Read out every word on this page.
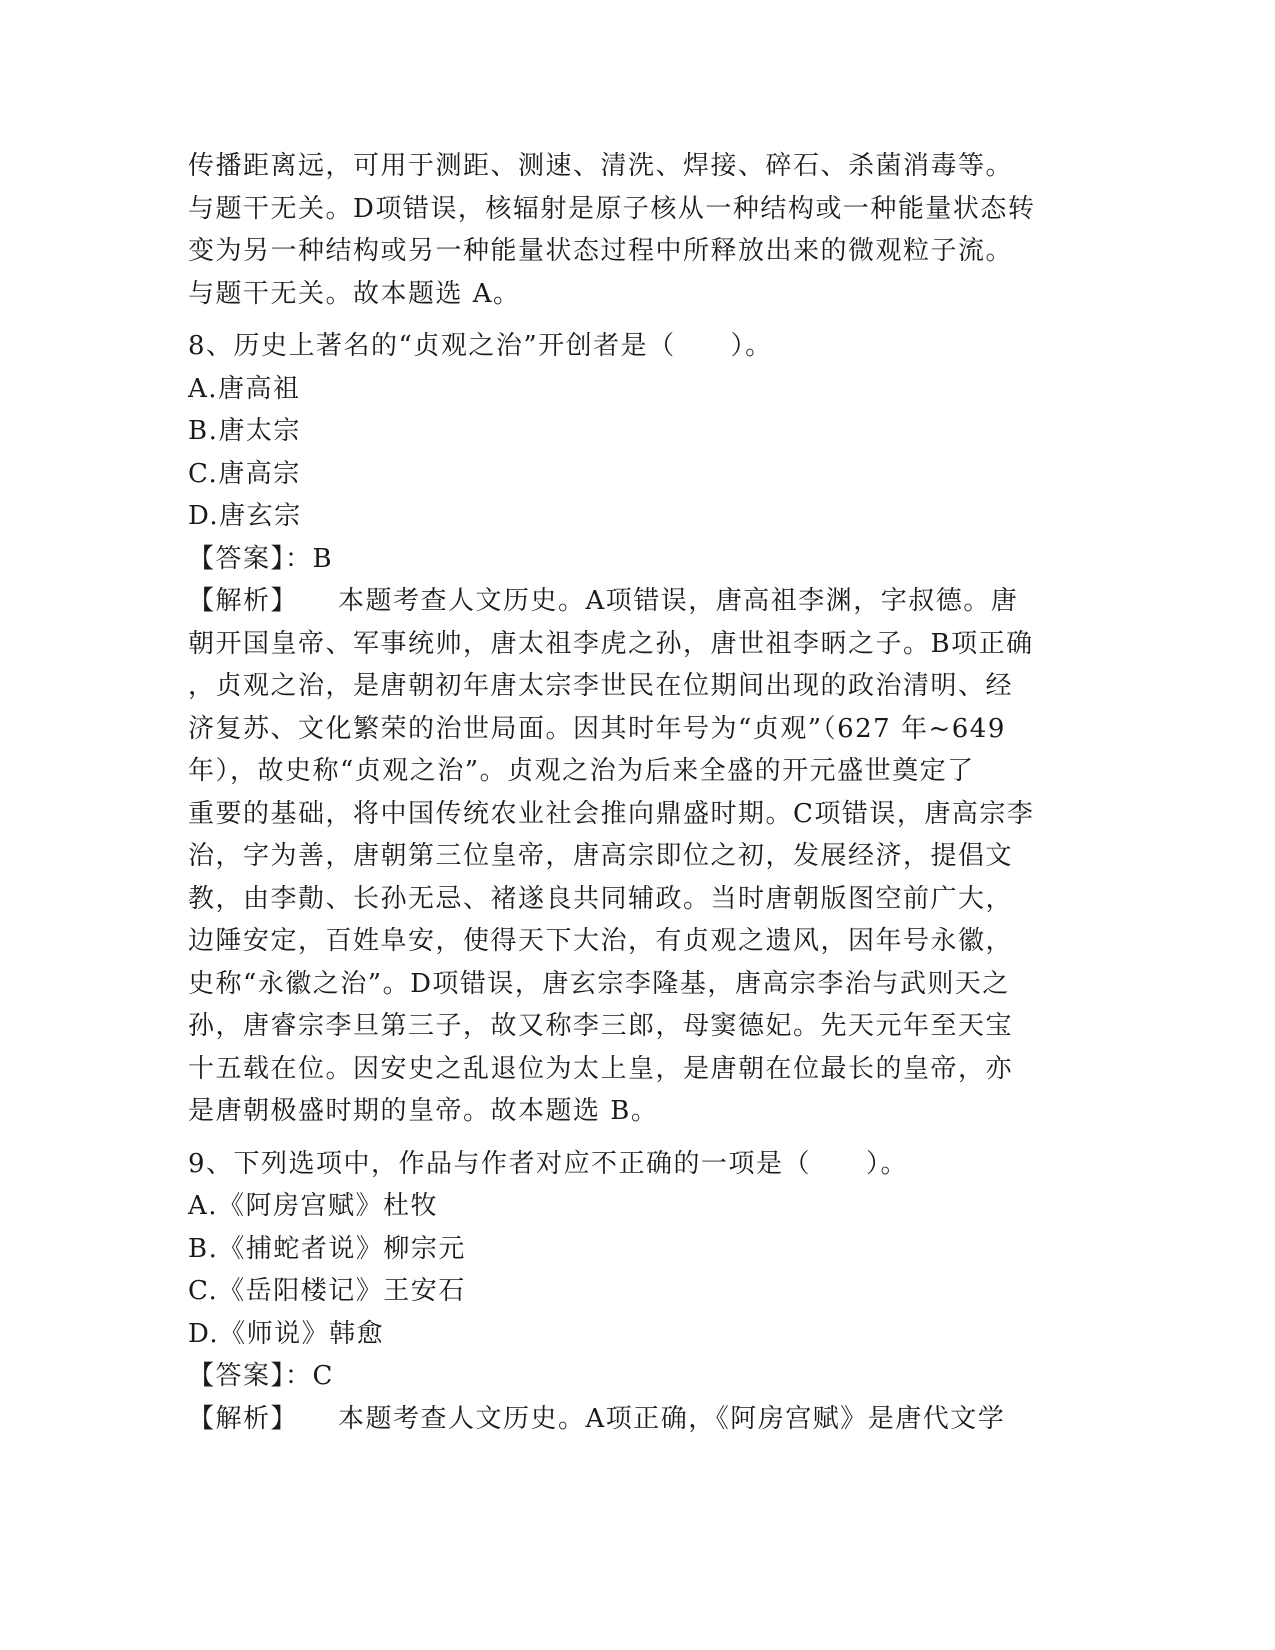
传播距离远，可用于测距、测速、清洗、焊接、碎石、杀菌消毒等。
与题干无关。D项错误，核辐射是原子核从一种结构或一种能量状态转
变为另一种结构或另一种能量状态过程中所释放出来的微观粒子流。
与题干无关。故本题选 A。
8、历史上著名的“贞观之治”开创者是（　　）。
A.唐高祖
B.唐太宗
C.唐高宗
D.唐玄宗
【答案】：B
【解析】 本题考查人文历史。A项错误，唐高祖李渊，字叔德。唐
朝开国皇帝、军事统帅，唐太祖李虎之孙，唐世祖李昞之子。B项正确
，贞观之治，是唐朝初年唐太宗李世民在位期间出现的政治清明、经
济复苏、文化繁荣的治世局面。因其时年号为“贞观”（627 年~649
年），故史称“贞观之治”。贞观之治为后来全盛的开元盛世奠定了
重要的基础，将中国传统农业社会推向鼎盛时期。C项错误，唐高宗李
治，字为善，唐朝第三位皇帝，唐高宗即位之初，发展经济，提倡文
教，由李勣、长孙无忌、褚遂良共同辅政。当时唐朝版图空前广大，
边陲安定，百姓阜安，使得天下大治，有贞观之遗风，因年号永徽，
史称“永徽之治”。D项错误，唐玄宗李隆基，唐高宗李治与武则天之
孙，唐睿宗李旦第三子，故又称李三郎，母窦德妃。先天元年至天宝
十五载在位。因安史之乱退位为太上皇，是唐朝在位最长的皇帝，亦
是唐朝极盛时期的皇帝。故本题选 B。
9、下列选项中，作品与作者对应不正确的一项是（　　）。
A.《阿房宫赋》杜牧
B.《捕蛇者说》柳宗元
C.《岳阳楼记》王安石
D.《师说》韩愈
【答案】：C
【解析】 本题考查人文历史。A项正确，《阿房宫赋》是唐代文学
